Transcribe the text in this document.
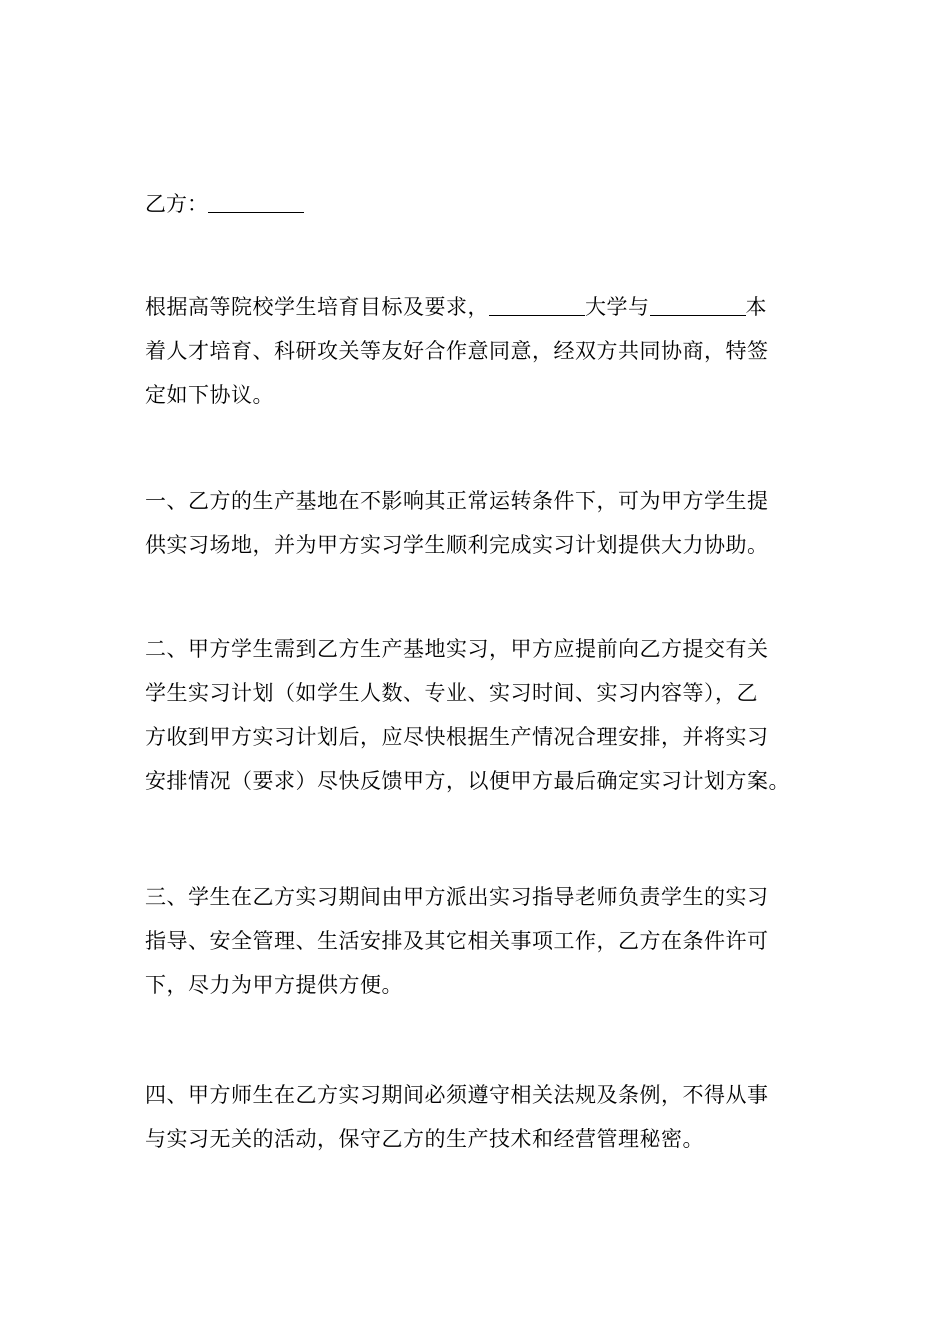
乙方：
根据高等院校学生培育目标及要求，	大学与	本
着人才培育、科研攻关等友好合作意同意，经双方共同协商，特签
定如下协议。
一、乙方的生产基地在不影响其正常运转条件下，可为甲方学生提
供实习场地，并为甲方实习学生顺利完成实习计划提供大力协助。
二、甲方学生需到乙方生产基地实习，甲方应提前向乙方提交有关
学生实习计划（如学生人数、专业、实习时间、实习内容等），乙
方收到甲方实习计划后，应尽快根据生产情况合理安排，并将实习
安排情况（要求）尽快反馈甲方，以便甲方最后确定实习计划方案。
三、学生在乙方实习期间由甲方派出实习指导老师负责学生的实习
指导、安全管理、生活安排及其它相关事项工作，乙方在条件许可
下，尽力为甲方提供方便。
四、甲方师生在乙方实习期间必须遵守相关法规及条例，不得从事
与实习无关的活动，保守乙方的生产技术和经营管理秘密。
